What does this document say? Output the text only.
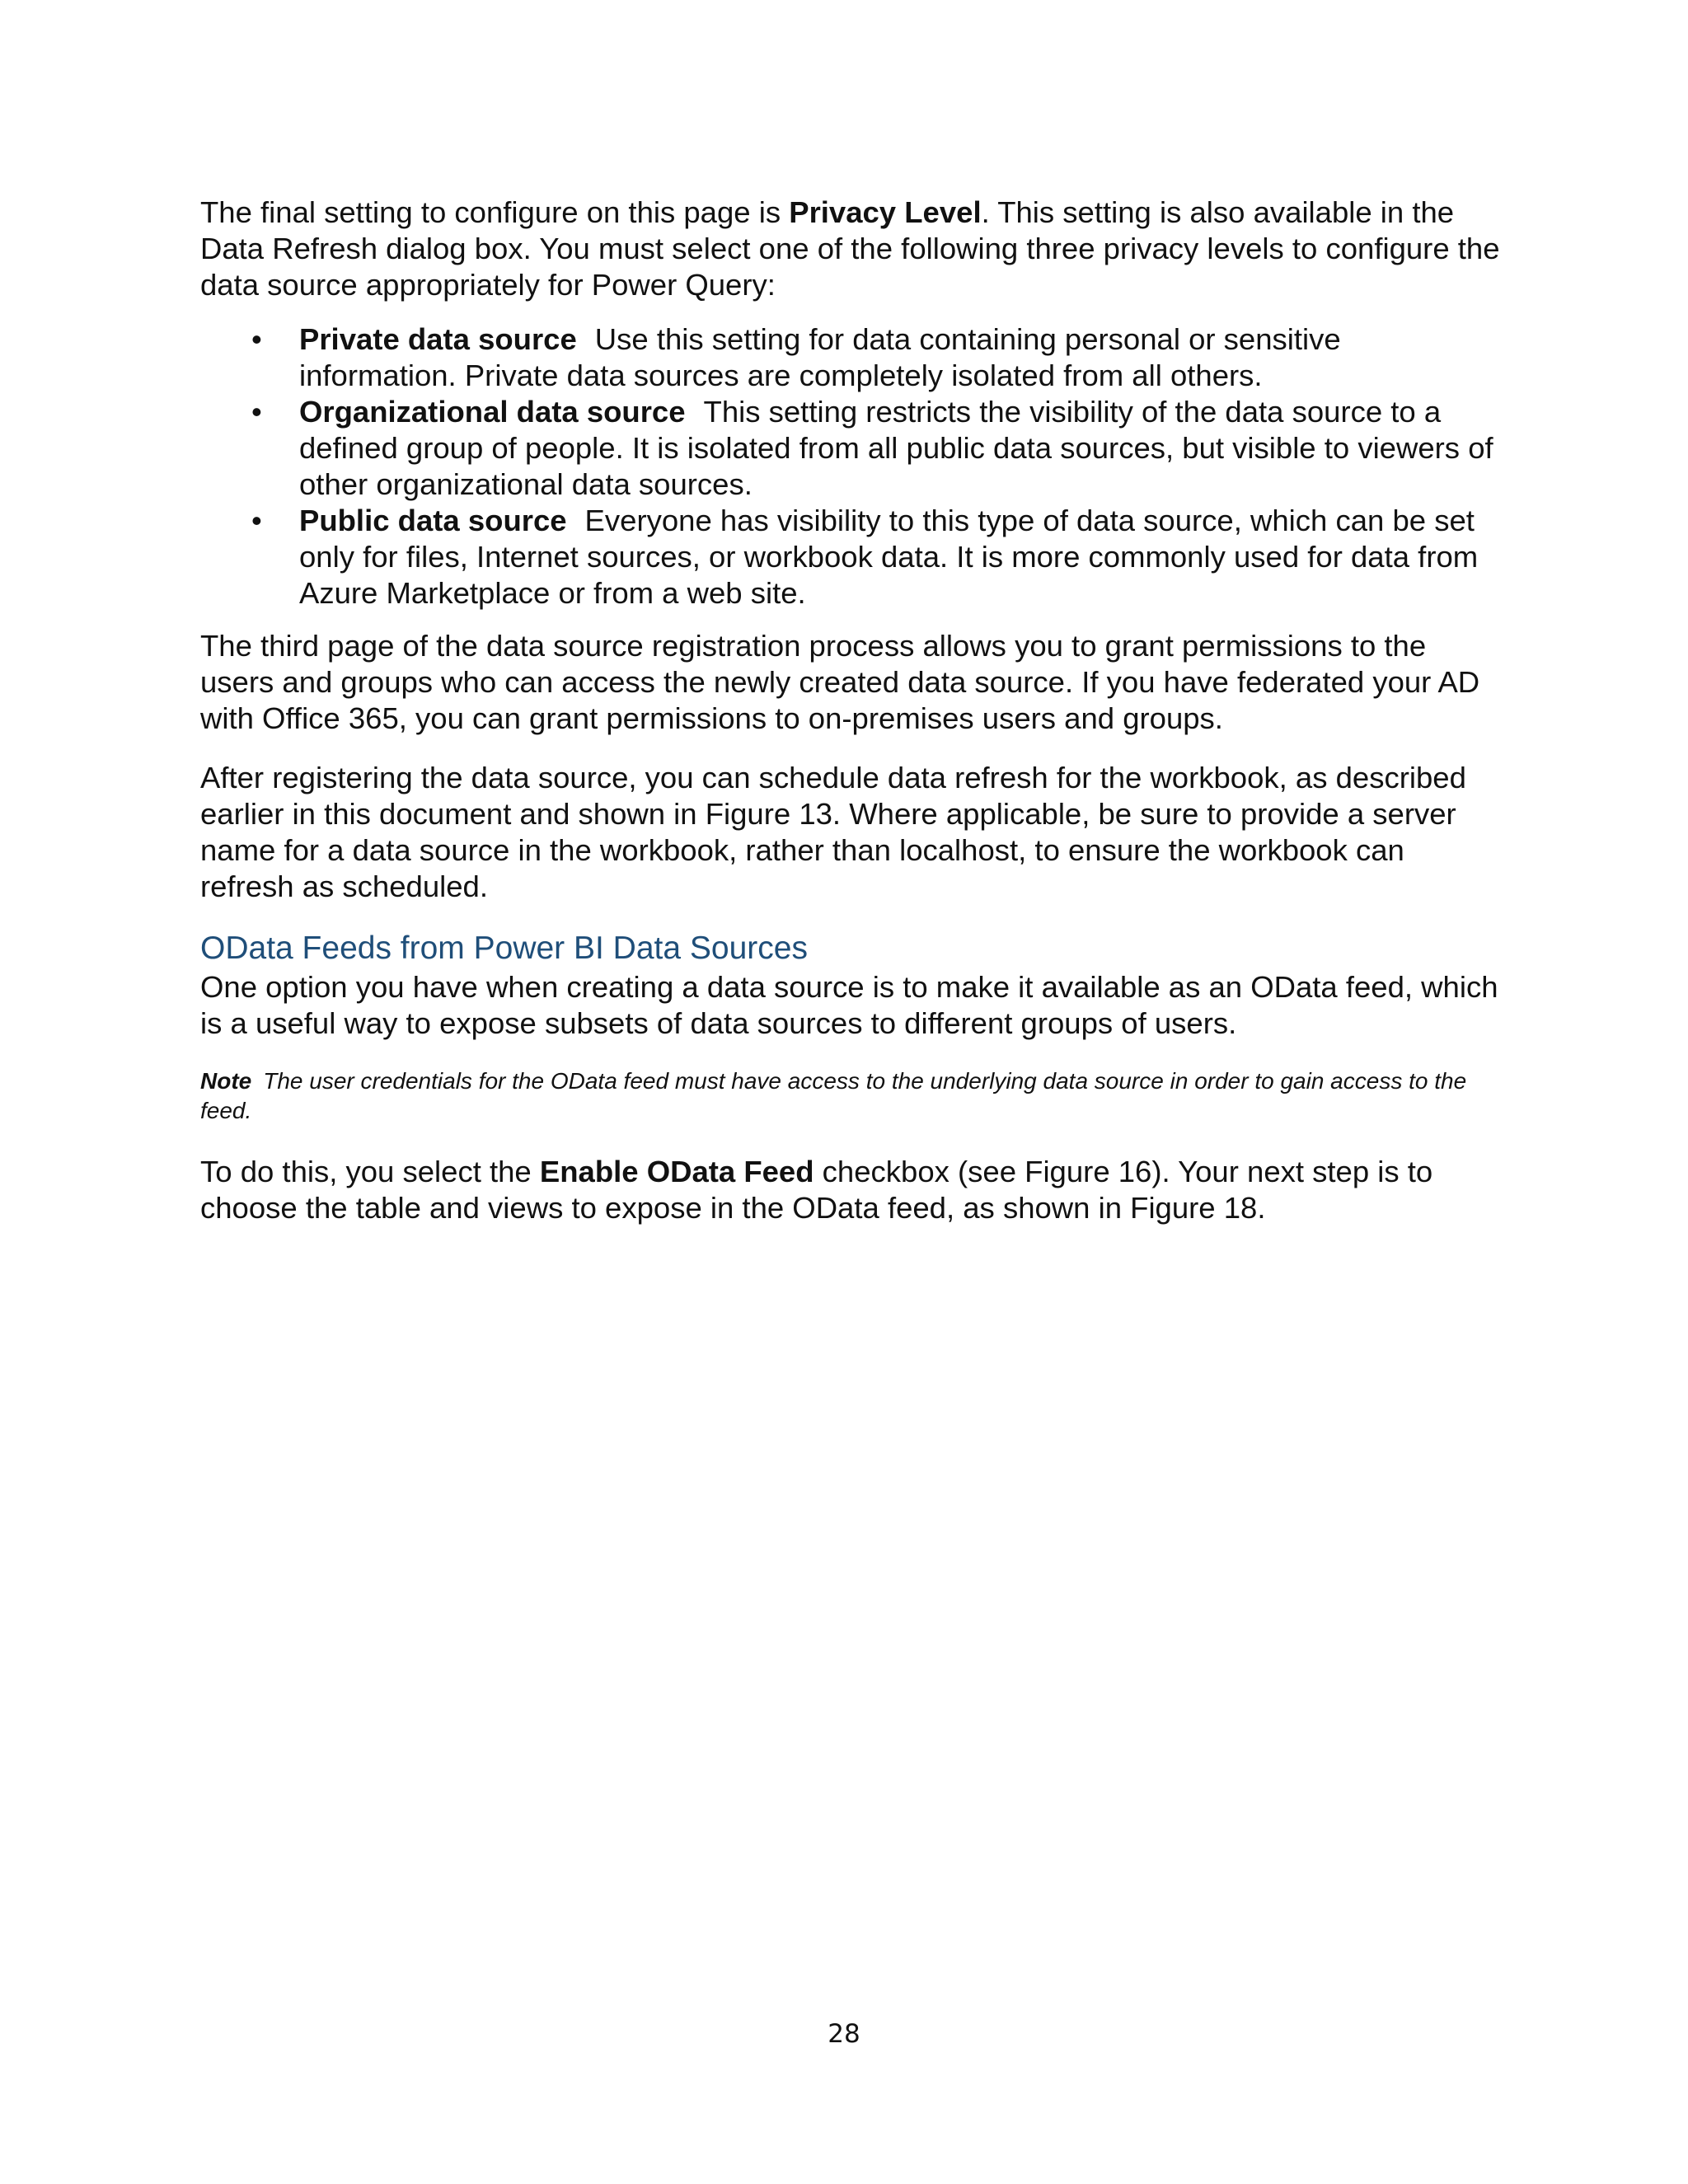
The final setting to configure on this page is Privacy Level. This setting is also available in the Data Refresh dialog box. You must select one of the following three privacy levels to configure the data source appropriately for Power Query:

• Private data source Use this setting for data containing personal or sensitive information. Private data sources are completely isolated from all others.
• Organizational data source This setting restricts the visibility of the data source to a defined group of people. It is isolated from all public data sources, but visible to viewers of other organizational data sources.
• Public data source Everyone has visibility to this type of data source, which can be set only for files, Internet sources, or workbook data. It is more commonly used for data from Azure Marketplace or from a web site.

The third page of the data source registration process allows you to grant permissions to the users and groups who can access the newly created data source. If you have federated your AD with Office 365, you can grant permissions to on-premises users and groups.

After registering the data source, you can schedule data refresh for the workbook, as described earlier in this document and shown in Figure 13. Where applicable, be sure to provide a server name for a data source in the workbook, rather than localhost, to ensure the workbook can refresh as scheduled.

OData Feeds from Power BI Data Sources

One option you have when creating a data source is to make it available as an OData feed, which is a useful way to expose subsets of data sources to different groups of users.

Note The user credentials for the OData feed must have access to the underlying data source in order to gain access to the feed.

To do this, you select the Enable OData Feed checkbox (see Figure 16). Your next step is to choose the table and views to expose in the OData feed, as shown in Figure 18.

28
